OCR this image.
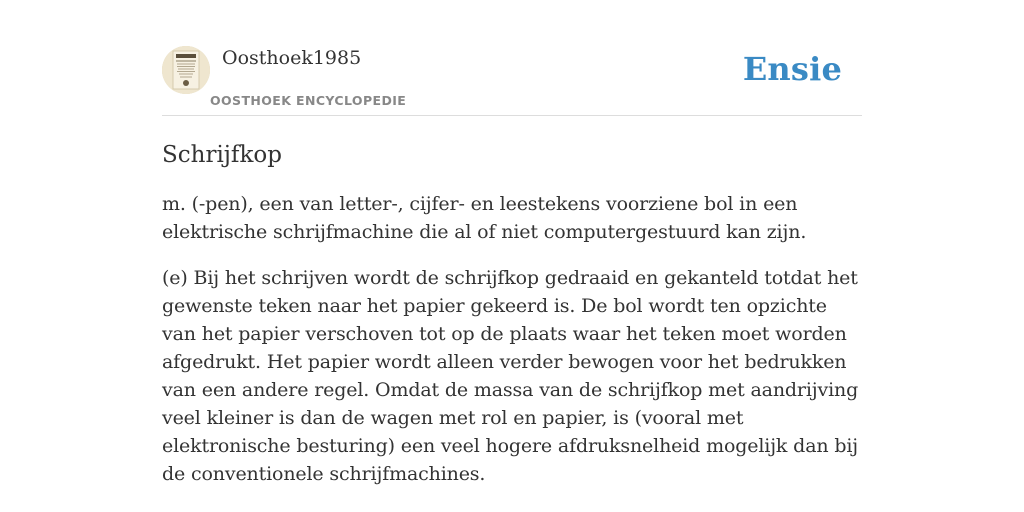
Oosthoek1985
OOSTHOEK ENCYCLOPEDIE
Ensie
Schrijfkop

m. (-pen), een van letter-, cijfer- en leestekens voorziene bol in een elektrische schrijfmachine die al of niet computergestuurd kan zijn.

(e) Bij het schrijven wordt de schrijfkop gedraaid en gekanteld totdat het gewenste teken naar het papier gekeerd is. De bol wordt ten opzichte van het papier verschoven tot op de plaats waar het teken moet worden afgedrukt. Het papier wordt alleen verder bewogen voor het bedrukken van een andere regel. Omdat de massa van de schrijfkop met aandrijving veel kleiner is dan de wagen met rol en papier, is (vooral met elektronische besturing) een veel hogere afdruksnelheid mogelijk dan bij de conventionele schrijfmachines.
